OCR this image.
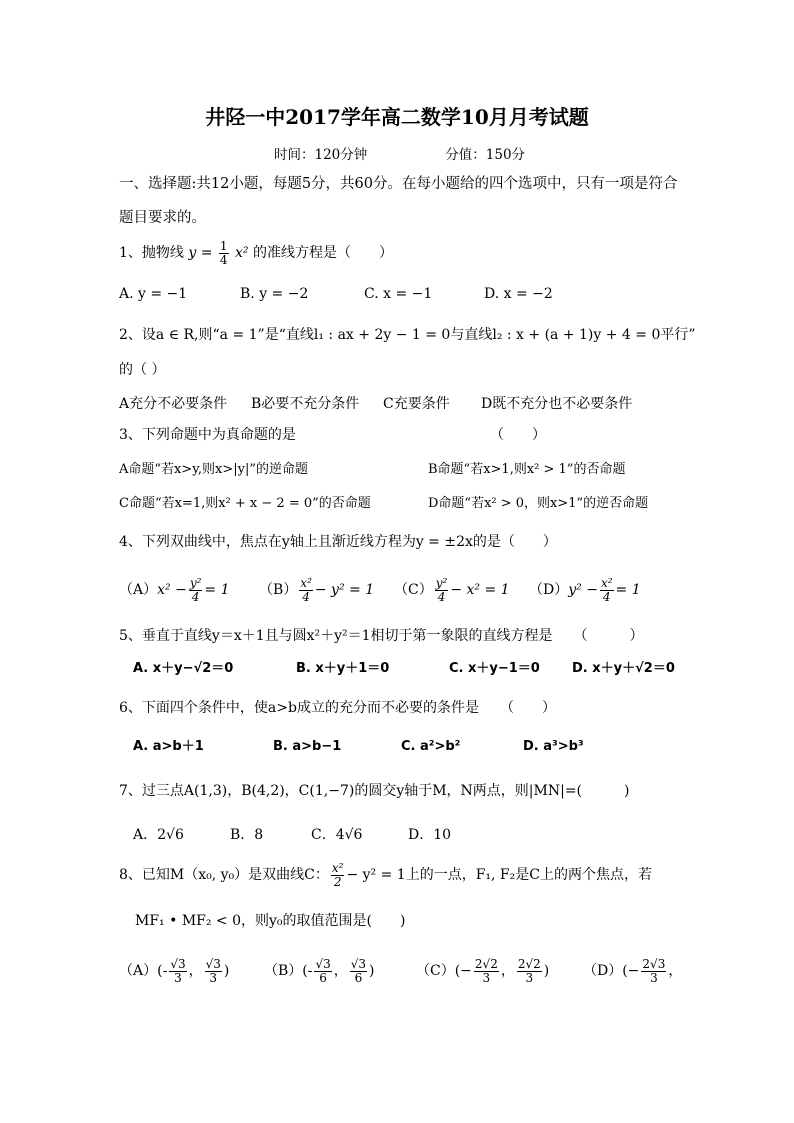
井陉一中2017学年高二数学10月月考试题
时间：120分钟	分值：150分
一、选择题:共12小题，每题5分，共60分。在每小题给的四个选项中，只有一项是符合
题目要求的。
1、抛物线 $y = \frac{1}{4} x^2$ 的准线方程是（　　）
A. y = −1	B. y = −2	C. x = −1	D. x = −2
2、设a ∈ R,则“a = 1”是“直线l₁ : ax + 2y − 1 = 0与直线l₂ : x + (a + 1)y + 4 = 0平行”
的（ ）
A充分不必要条件 B必要不充分条件 C充要条件 D既不充分也不必要条件
3、下列命题中为真命题的是	（　　）
A命题“若x>y,则x>|y|”的逆命题	B命题“若x>1,则x² > 1”的否命题
C命题“若x=1,则x² + x − 2 = 0”的否命题	D命题“若x² > 0，则x>1”的逆否命题
4、下列双曲线中，焦点在y轴上且渐近线方程为y = ±2x的是（　　）
$(A)x^2 - \frac{\text{y²}}{4} = 1$ $(B) \frac{\text{x²}}{4} - y^2 = 1$ $(C) \frac{\text{y²}}{4} - x^2 = 1$ $(D)y^2 - \frac{\text{x²}}{4} = 1$
5、垂直于直线y＝x＋1且与圆x²＋y²＝1相切于第一象限的直线方程是　　（　　　）
A. x＋y−√2＝0	B. x＋y＋1＝0	C. x＋y−1＝0 D. x＋y＋√2＝0
6、下面四个条件中，使a>b成立的充分而不必要的条件是　　（　　）
A. a>b＋1	B. a>b−1	C. a²>b²	D. a³>b³
7、过三点A(1,3)，B(4,2)，C(1,−7)的圆交y轴于M，N两点，则|MN|=(　　　)
A．2√6	B．8	C．4√6	D．10
8、已知M（x₀, y₀）是双曲线C： $\frac{\text{x²}}{2} - y^2 = 1$上的一点，F₁, F₂是C上的两个焦点，若
MF₁ • MF₂ < 0，则y₀的取值范围是(　　)
$(A)(- \frac{√3}{3}$ ， $\frac{√3}{3}$ ) $(B)(- \frac{√3}{6}$ ， $\frac{√3}{6}$ )	$(C)(- \frac{2√2}{3}$ ， $\frac{2√2}{3}$ ) $(D)(- \frac{2√3}{3}$ ，
